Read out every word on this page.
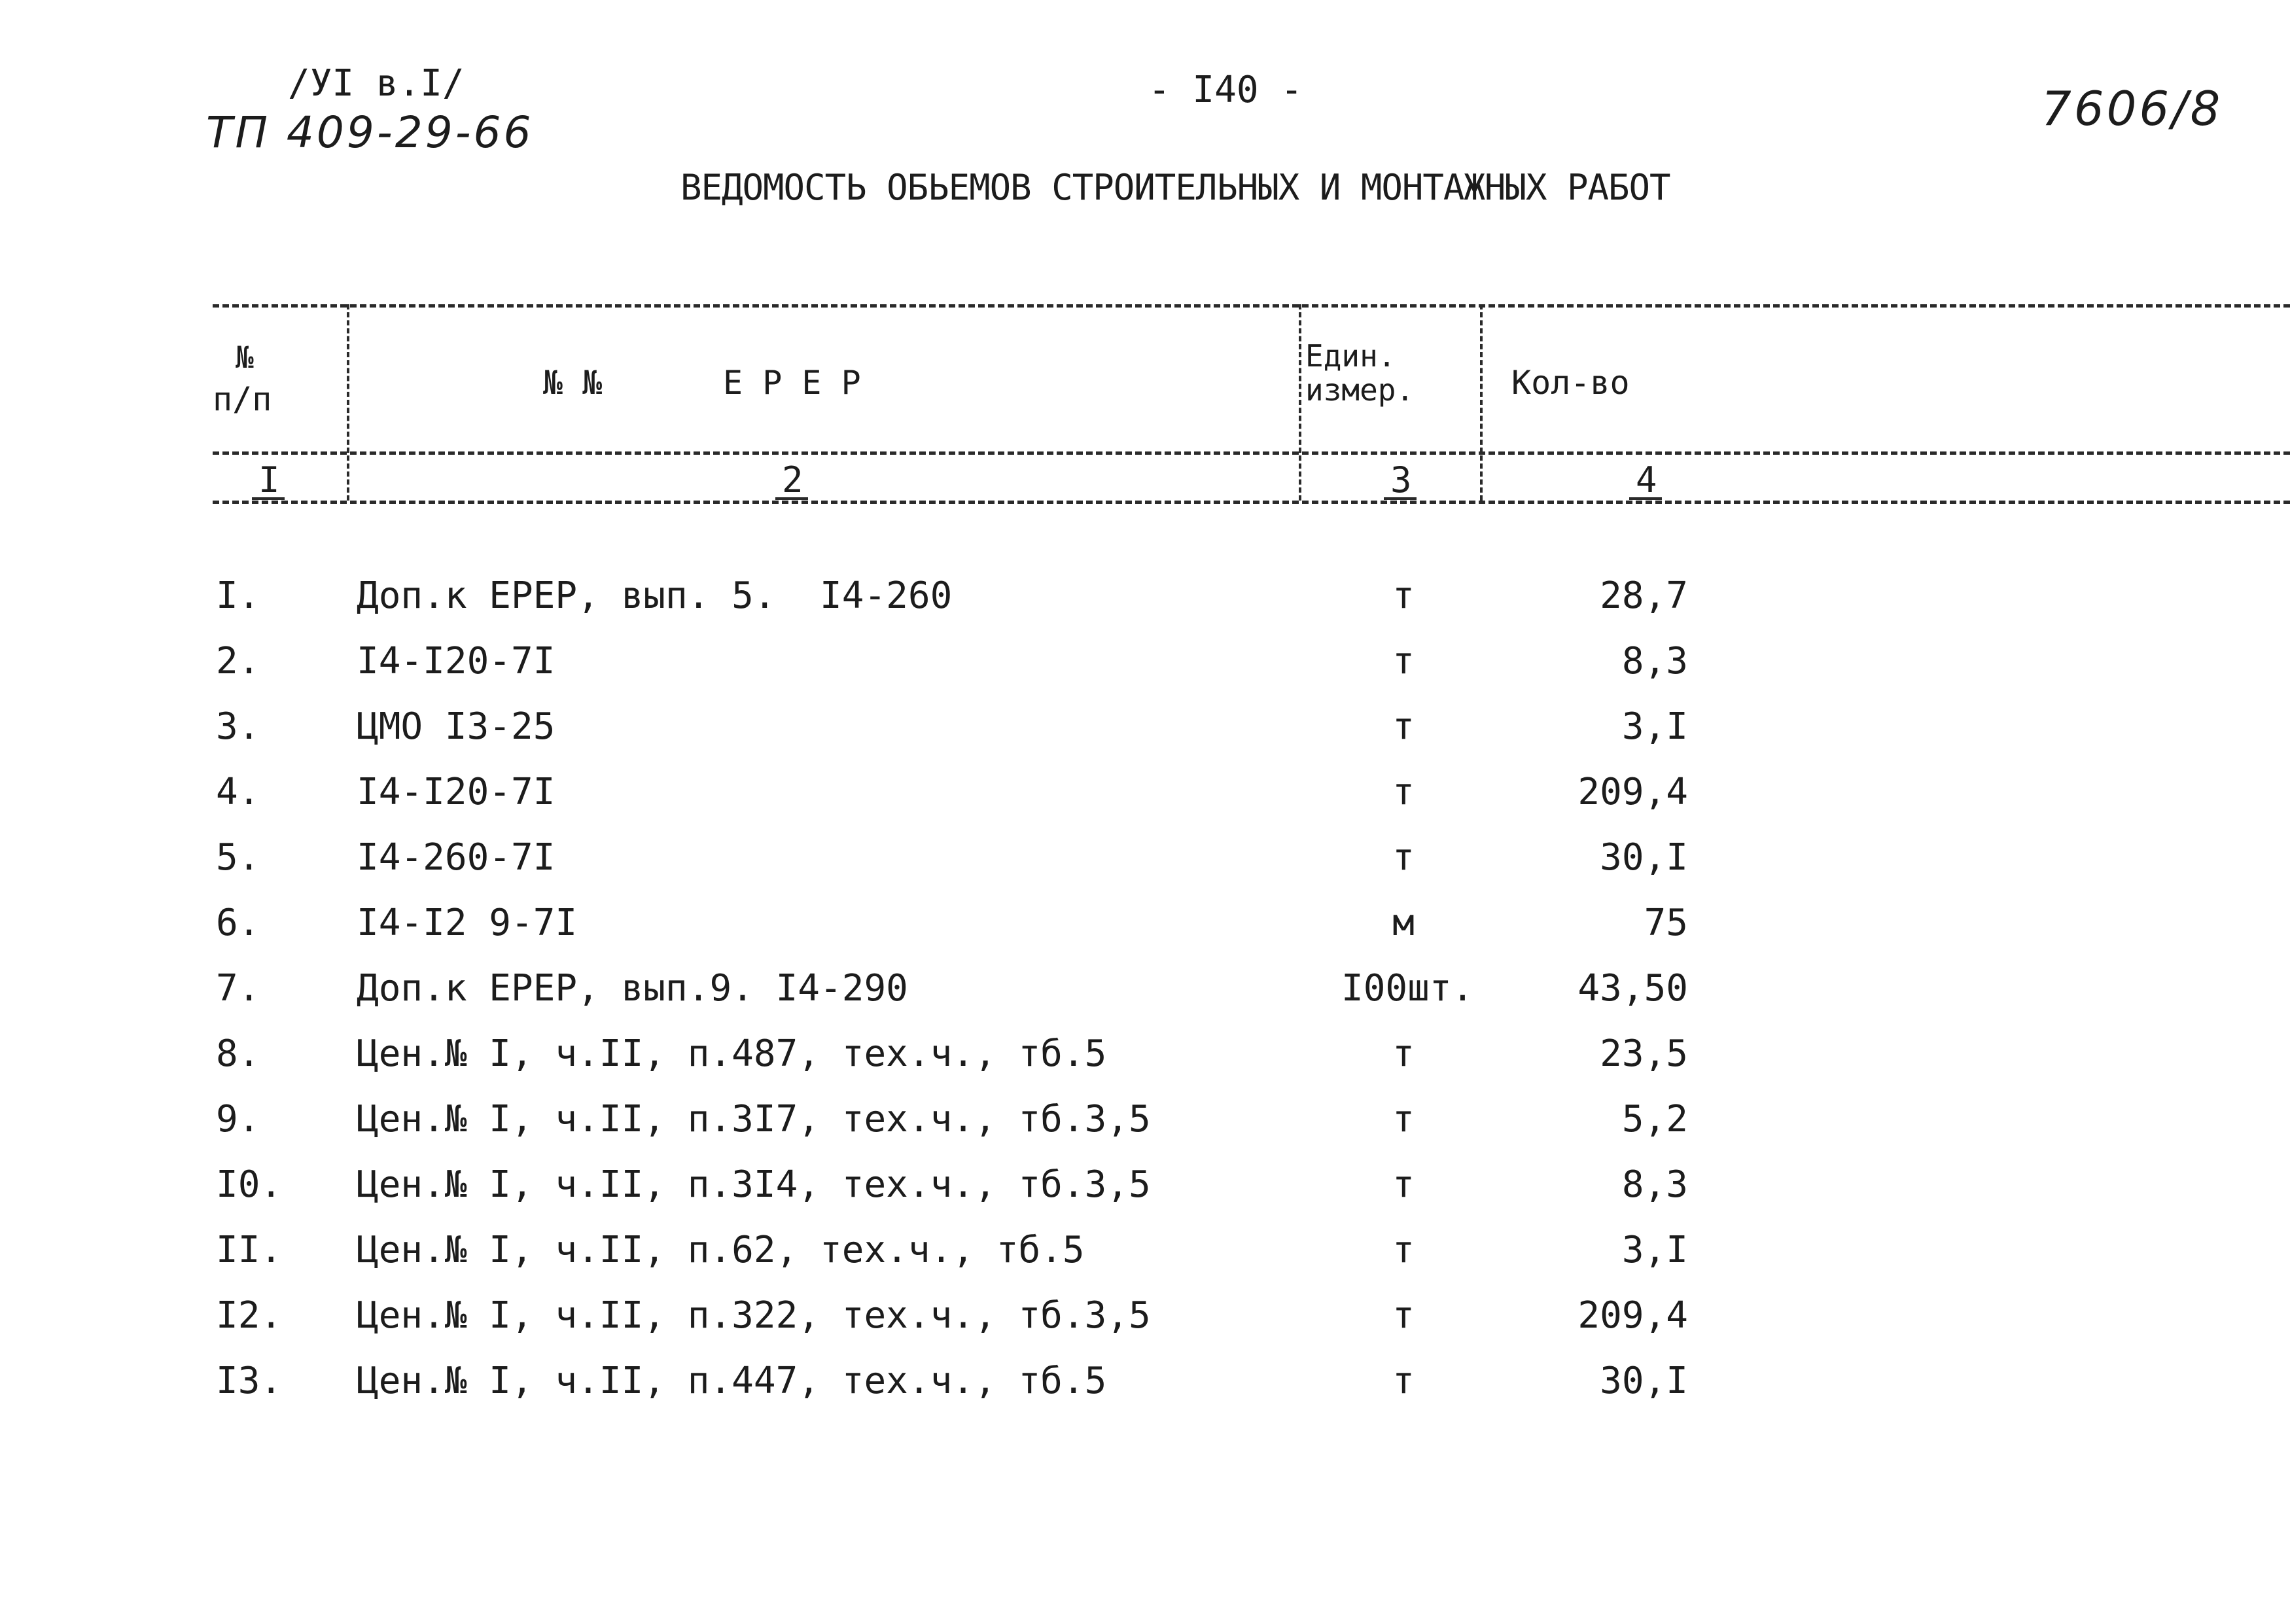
/УI в.I/
ТП 409-29-66
- I40 -	7606/8
ВЕДОМОСТЬ ОБЬЕМОВ СТРОИТЕЛЬНЫХ И МОНТАЖНЫХ РАБОТ
№
п/п	№ №	Е Р Е Р
Един.
измер.	Кол-во
I	2	3	4
I.	Доп.к ЕРЕР, вып. 5.  I4-260	т	28,7
2.	I4-I20-7I	т	8,3
3.	ЦМО I3-25	т	3,I
4.	I4-I20-7I	т	209,4
5.	I4-260-7I	т	30,I
6.	I4-I2 9-7I	м	75
7.	Доп.к ЕРЕР, вып.9. I4-290	I00шт.	43,50
8.	Цен.№ I, ч.II, п.487, тех.ч., тб.5	т	23,5
9.	Цен.№ I, ч.II, п.3I7, тех.ч., тб.3,5	т	5,2
I0. Цен.№ I, ч.II, п.3I4, тех.ч., тб.3,5	т	8,3
II. Цен.№ I, ч.II, п.62, тех.ч., тб.5	т	3,I
I2. Цен.№ I, ч.II, п.322, тех.ч., тб.3,5	т	209,4
I3. Цен.№ I, ч.II, п.447, тех.ч., тб.5	т	30,I
